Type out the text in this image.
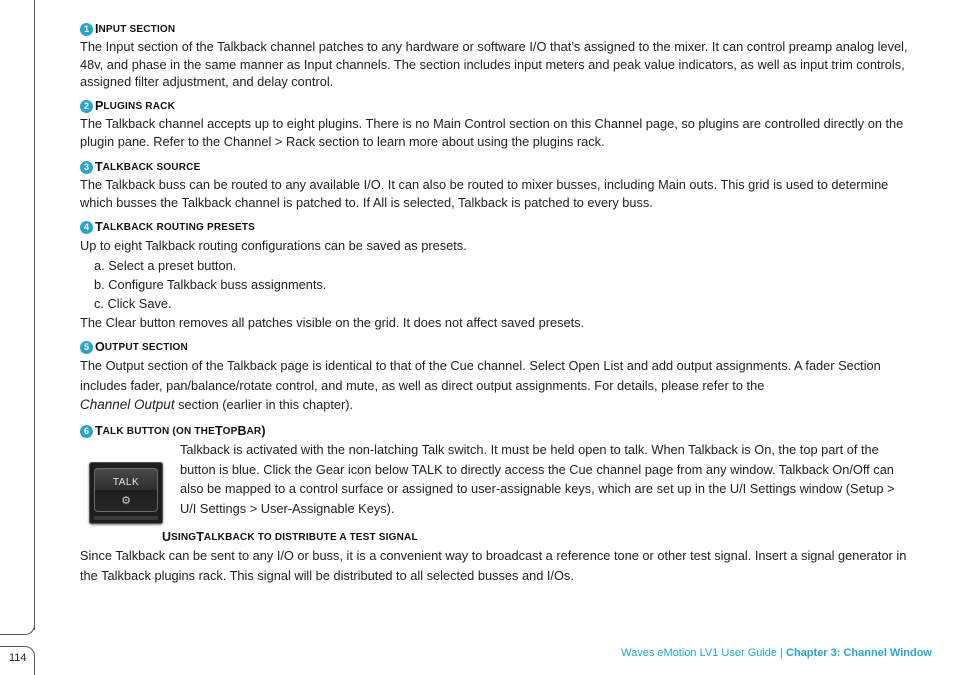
114
1 I NPUT SECTION

The Input section of the Talkback channel patches to any hardware or software I/O that’s assigned to the mixer. It can control preamp analog level, 48v, and phase in the same manner as Input channels. The section includes input meters and peak value indicators, as well as input trim controls, assigned filter adjustment, and delay control.

2 P LUGINS RACK

The Talkback channel accepts up to eight plugins. There is no Main Control section on this Channel page, so plugins are controlled directly on the plugin pane. Refer to the Channel > Rack section to learn more about using the plugins rack.

3 T ALKBACK SOURCE

The Talkback buss can be routed to any available I/O. It can also be routed to mixer busses, including Main outs. This grid is used to determine which busses the Talkback channel is patched to. If All is selected, Talkback is patched to every buss.

4 T ALKBACK ROUTING PRESETS
Up to eight Talkback routing configurations can be saved as presets.
a. Select a preset button.
b. Configure Talkback buss assignments.
c. Click Save.
The Clear button removes all patches visible on the grid. It does not affect saved presets.
5 O UTPUT SECTION

The Output section of the Talkback page is identical to that of the Cue channel. Select Open List and add output assignments. A fader Section includes fader, pan/balance/rotate control, and mute, as well as direct output assignments. For details, please refer to the
Channel Output section (earlier in this chapter).

6 T ALK BUTTON ( ON THE T OP B AR )

Talkback is activated with the non-latching Talk switch. It must be held open to talk. When Talkback is On, the top part of the button is blue. Click the Gear icon below TALK to directly access the Cue channel page from any window. Talkback On/Off can also be mapped to a control surface or assigned to user-assignable keys, which are set up in the U/I Settings window (Setup > U/I Settings > User-Assignable Keys).

U SING T ALKBACK TO DISTRIBUTE A TEST SIGNAL

Since Talkback can be sent to any I/O or buss, it is a convenient way to broadcast a reference tone or other test signal. Insert a signal generator in the Talkback plugins rack. This signal will be distributed to all selected busses and I/Os.

TALK
⚙
Waves eMotion LV1 User Guide | Chapter 3: Channel Window
